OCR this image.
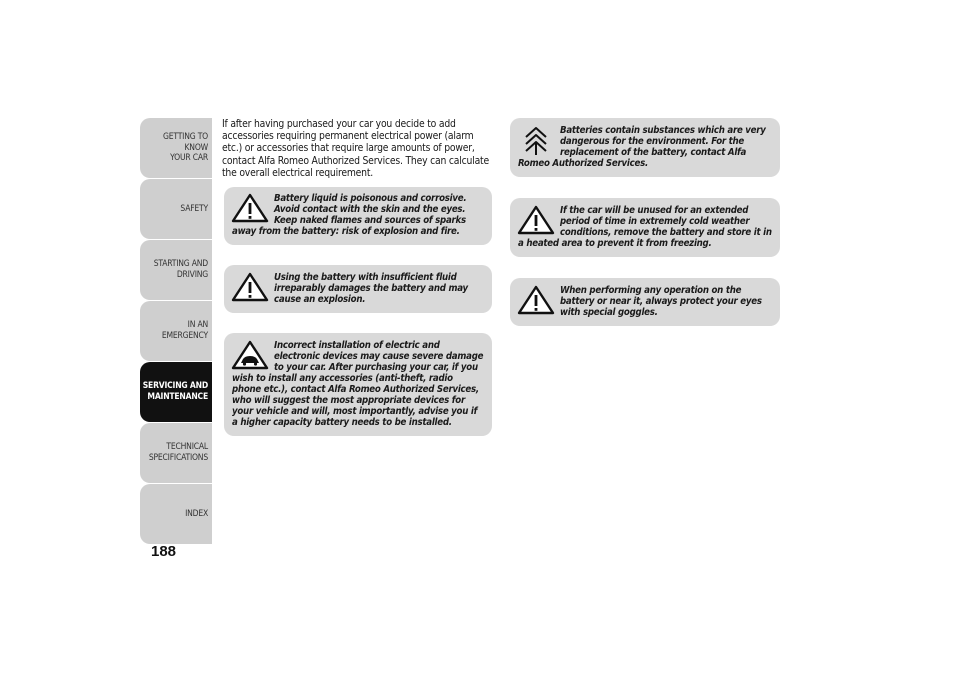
GETTING TO KNOW
YOUR CAR
SAFETY
STARTING AND
DRIVING
IN AN EMERGENCY
SERVICING AND
MAINTENANCE
TECHNICAL
SPECIFICATIONS
INDEX
188

If after having purchased your car you decide to add accessories requiring permanent electrical power (alarm etc.) or accessories that require large amounts of power, contact Alfa Romeo Authorized Services. They can calculate the overall electrical requirement.

Battery liquid is poisonous and corrosive. Avoid contact with the skin and the eyes. Keep naked flames and sources of sparks away from the battery: risk of explosion and fire.
Using the battery with insufficient fluid irreparably damages the battery and may cause an explosion.
Incorrect installation of electric and electronic devices may cause severe damage to your car. After purchasing your car, if you wish to install any accessories (anti-theft, radio phone etc.), contact Alfa Romeo Authorized Services, who will suggest the most appropriate devices for your vehicle and will, most importantly, advise you if a higher capacity battery needs to be installed.
Batteries contain substances which are very dangerous for the environment. For the replacement of the battery, contact Alfa Romeo Authorized Services.
If the car will be unused for an extended period of time in extremely cold weather conditions, remove the battery and store it in a heated area to prevent it from freezing.
When performing any operation on the battery or near it, always protect your eyes with special goggles.
